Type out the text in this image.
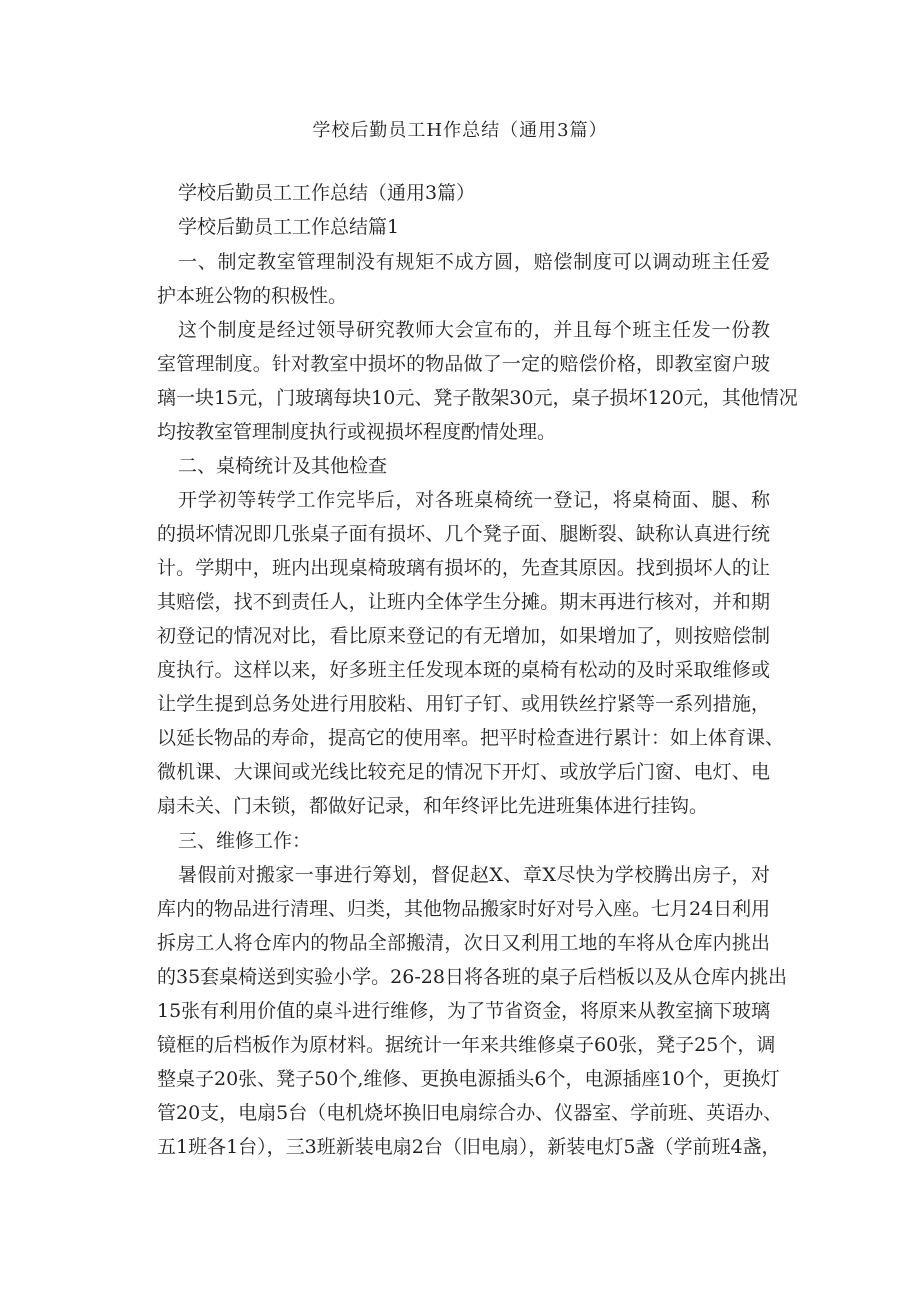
学校后勤员工H作总结（通用3篇）
学校后勤员工工作总结（通用3篇）
学校后勤员工工作总结篇1
一、制定教室管理制没有规矩不成方圆，赔偿制度可以调动班主任爱
护本班公物的积极性。
这个制度是经过领导研究教师大会宣布的，并且每个班主任发一份教
室管理制度。针对教室中损坏的物品做了一定的赔偿价格，即教室窗户玻
璃一块15元，门玻璃每块10元、凳子散架30元，桌子损坏120元，其他情况
均按教室管理制度执行或视损坏程度酌情处理。
二、桌椅统计及其他检查
开学初等转学工作完毕后，对各班桌椅统一登记，将桌椅面、腿、称
的损坏情况即几张桌子面有损坏、几个凳子面、腿断裂、缺称认真进行统
计。学期中，班内出现桌椅玻璃有损坏的，先查其原因。找到损坏人的让
其赔偿，找不到责任人，让班内全体学生分摊。期末再进行核对，并和期
初登记的情况对比，看比原来登记的有无增加，如果增加了，则按赔偿制
度执行。这样以来，好多班主任发现本斑的桌椅有松动的及时采取维修或
让学生提到总务处进行用胶粘、用钉子钉、或用铁丝拧紧等一系列措施，
以延长物品的寿命，提高它的使用率。把平时检查进行累计：如上体育课、
微机课、大课间或光线比较充足的情况下开灯、或放学后门窗、电灯、电
扇未关、门未锁，都做好记录，和年终评比先进班集体进行挂钩。
三、维修工作：
暑假前对搬家一事进行筹划，督促赵X、章X尽快为学校腾出房子，对
库内的物品进行清理、归类，其他物品搬家时好对号入座。七月24日利用
拆房工人将仓库内的物品全部搬清，次日又利用工地的车将从仓库内挑出
的35套桌椅送到实验小学。26-28日将各班的桌子后档板以及从仓库内挑出
15张有利用价值的桌斗进行维修，为了节省资金，将原来从教室摘下玻璃
镜框的后档板作为原材料。据统计一年来共维修桌子60张，凳子25个，调
整桌子20张、凳子50个,维修、更换电源插头6个，电源插座10个，更换灯
管20支，电扇5台（电机烧坏换旧电扇综合办、仪器室、学前班、英语办、
五1班各1台），三3班新装电扇2台（旧电扇），新装电灯5盏（学前班4盏，
